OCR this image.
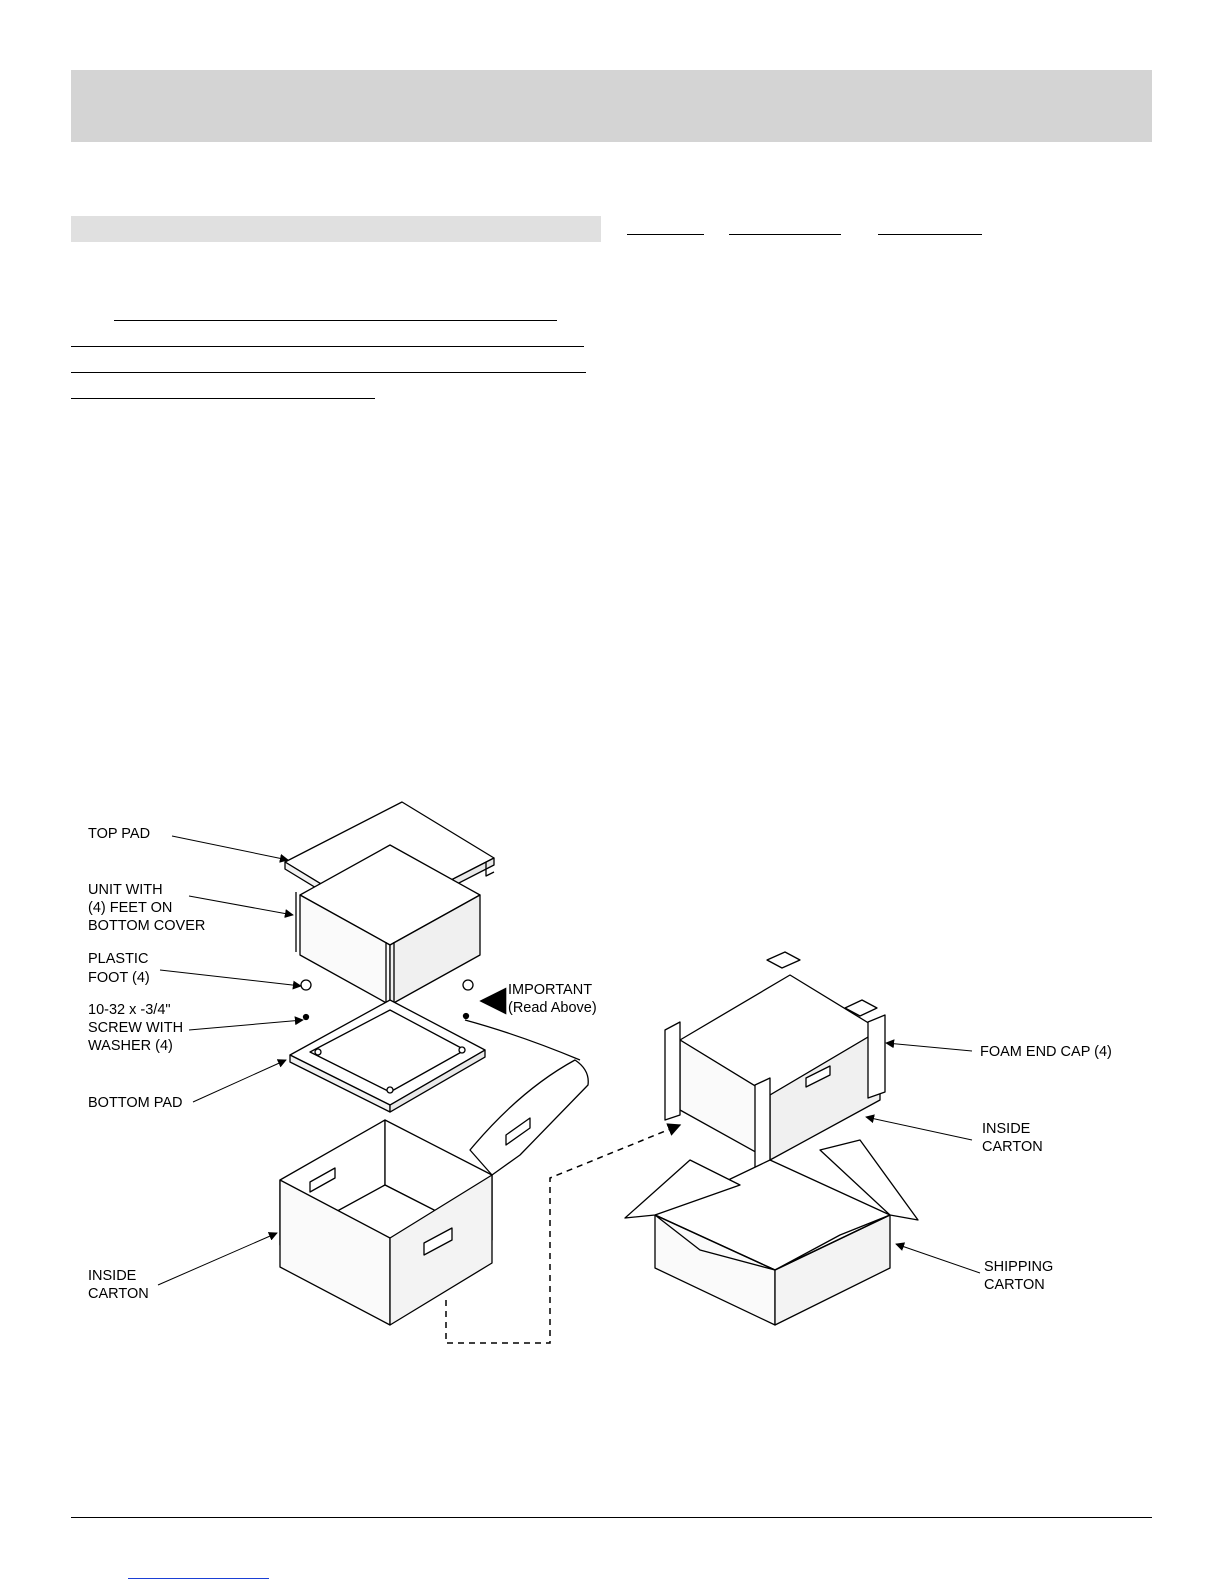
TOP PAD
UNIT WITH
(4) FEET ON
BOTTOM COVER
PLASTIC
FOOT (4)
10-32 x -3/4"
SCREW WITH
WASHER (4)
IMPORTANT
(Read Above)
BOTTOM PAD
INSIDE
CARTON
FOAM END CAP (4)
INSIDE
CARTON
SHIPPING
CARTON
